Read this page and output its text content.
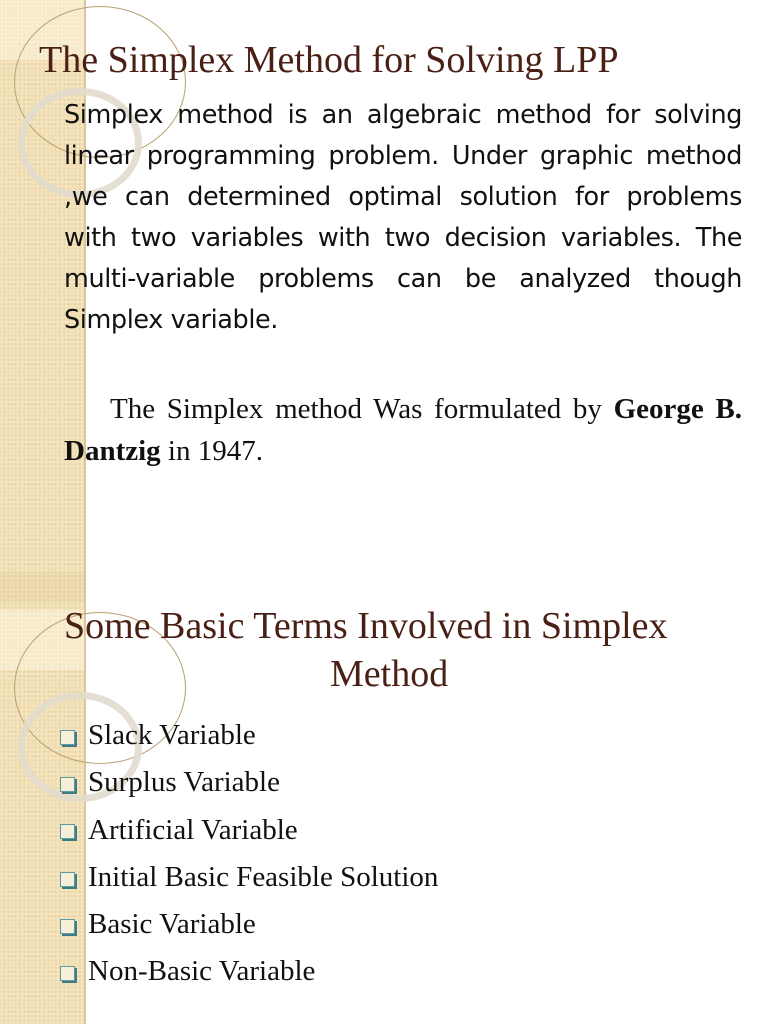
The Simplex Method for Solving LPP
Simplex method is an algebraic method for solving linear programming problem. Under graphic method ,we can determined optimal solution for problems with two variables with two decision variables. The multi-variable problems can be analyzed though Simplex variable.
The Simplex method Was formulated by George B. Dantzig in 1947.
Some Basic Terms Involved in Simplex
Method
Slack Variable
Surplus Variable
Artificial Variable
Initial Basic Feasible Solution
Basic Variable
Non-Basic Variable
